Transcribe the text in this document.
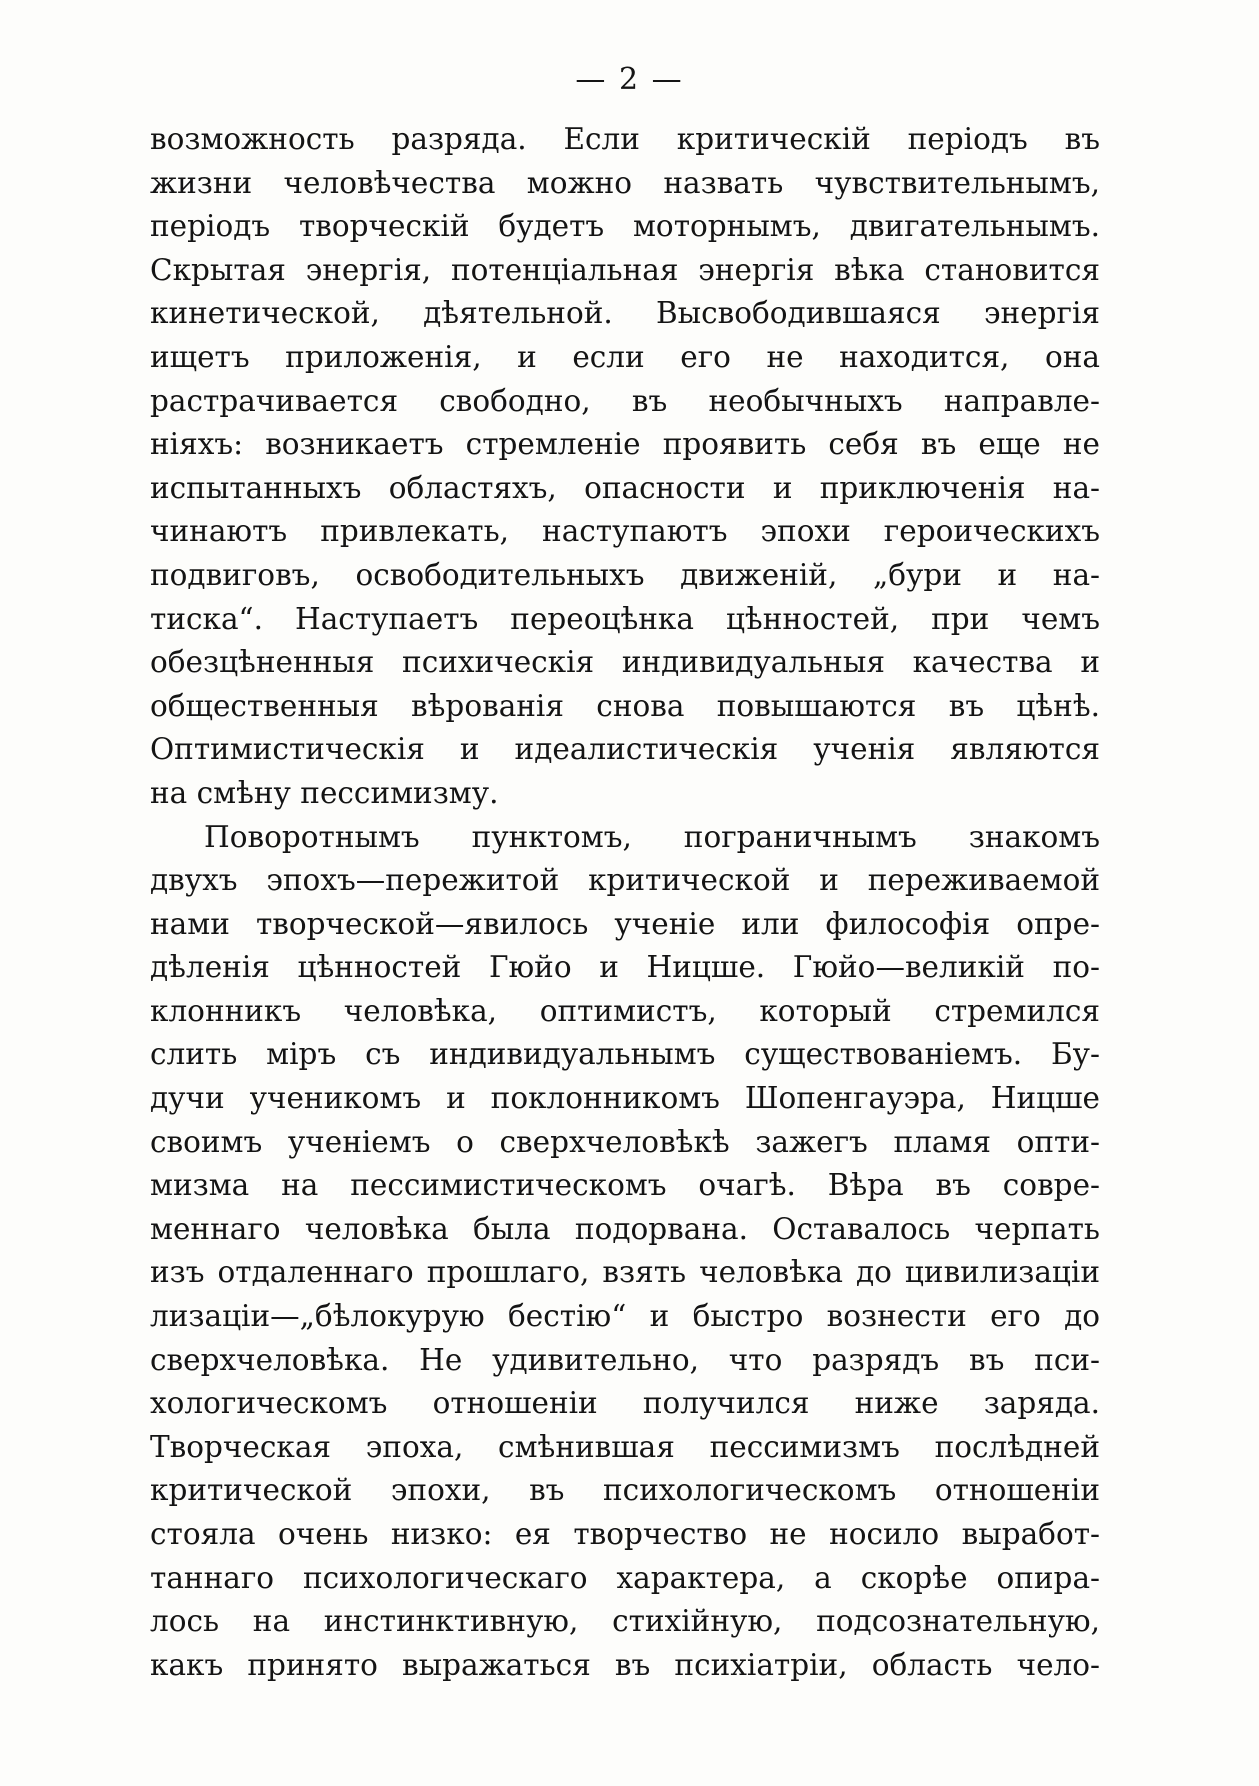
— 2 —
возможность разряда. Если критическій періодъ въ
жизни человѣчества можно назвать чувствительнымъ,
періодъ творческій будетъ моторнымъ, двигательнымъ.
Скрытая энергія, потенціальная энергія вѣка становится
кинетической, дѣятельной. Высвободившаяся энергія
ищетъ приложенія, и если его не находится, она
растрачивается свободно, въ необычныхъ направле-
ніяхъ: возникаетъ стремленіе проявить себя въ еще не
испытанныхъ областяхъ, опасности и приключенія на-
чинаютъ привлекать, наступаютъ эпохи героическихъ
подвиговъ, освободительныхъ движеній, „бури и на-
тиска“. Наступаетъ переоцѣнка цѣнностей, при чемъ
обезцѣненныя психическія индивидуальныя качества и
общественныя вѣрованія снова повышаются въ цѣнѣ.
Оптимистическія и идеалистическія ученія являются
на смѣну пессимизму.
Поворотнымъ пунктомъ, пограничнымъ знакомъ
двухъ эпохъ—пережитой критической и переживаемой
нами творческой—явилось ученіе или философія опре-
дѣленія цѣнностей Гюйо и Ницше. Гюйо—великій по-
клонникъ человѣка, оптимистъ, который стремился
слить міръ съ индивидуальнымъ существованіемъ. Бу-
дучи ученикомъ и поклонникомъ Шопенгауэра, Ницше
своимъ ученіемъ о сверхчеловѣкѣ зажегъ пламя опти-
мизма на пессимистическомъ очагѣ. Вѣра въ совре-
меннаго человѣка была подорвана. Оставалось черпать
изъ отдаленнаго прошлаго, взять человѣка до цивилизаціи
лизаціи—„бѣлокурую бестію“ и быстро вознести его до
сверхчеловѣка. Не удивительно, что разрядъ въ пси-
хологическомъ отношеніи получился ниже заряда.
Творческая эпоха, смѣнившая пессимизмъ послѣдней
критической эпохи, въ психологическомъ отношеніи
стояла очень низко: ея творчество не носило выработ-
таннаго психологическаго характера, а скорѣе опира-
лось на инстинктивную, стихійную, подсознательную,
какъ принято выражаться въ психіатріи, область чело-
